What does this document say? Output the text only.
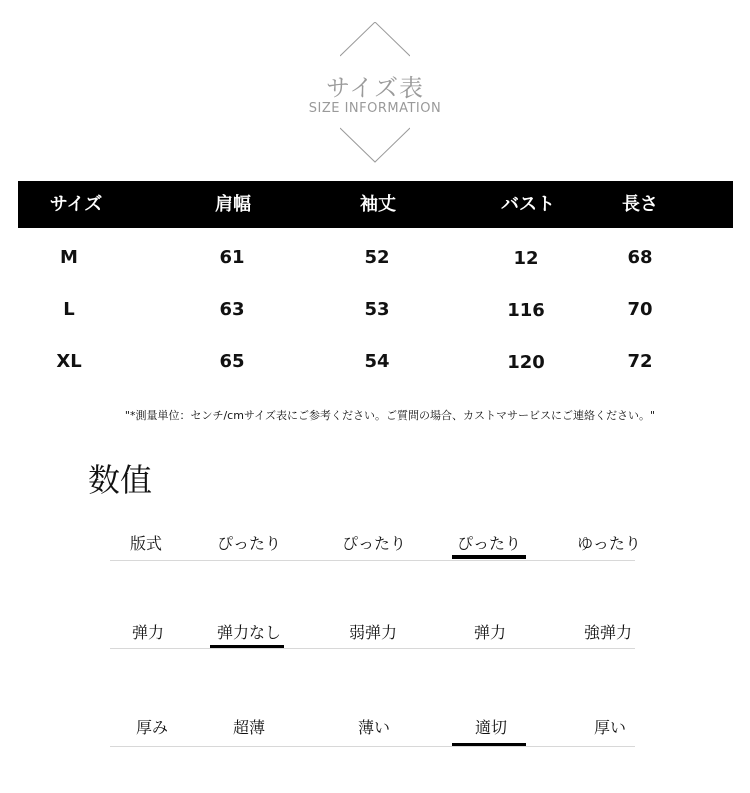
サイズ表
SIZE INFORMATION
サイズ	肩幅	袖丈	バスト	長さ
M	61	52	12	68
L	63	53	116	70
XL	65	54	120	72
"*測量単位：センチ/cmサイズ表にご参考ください。ご質問の場合、カストマサービスにご連絡ください。"
数值
版式	ぴったり	ぴったり	ぴったり	ゆったり
弹力	弹力なし	弱弹力	弹力	強弹力
厚み	超薄	薄い	適切	厚い
